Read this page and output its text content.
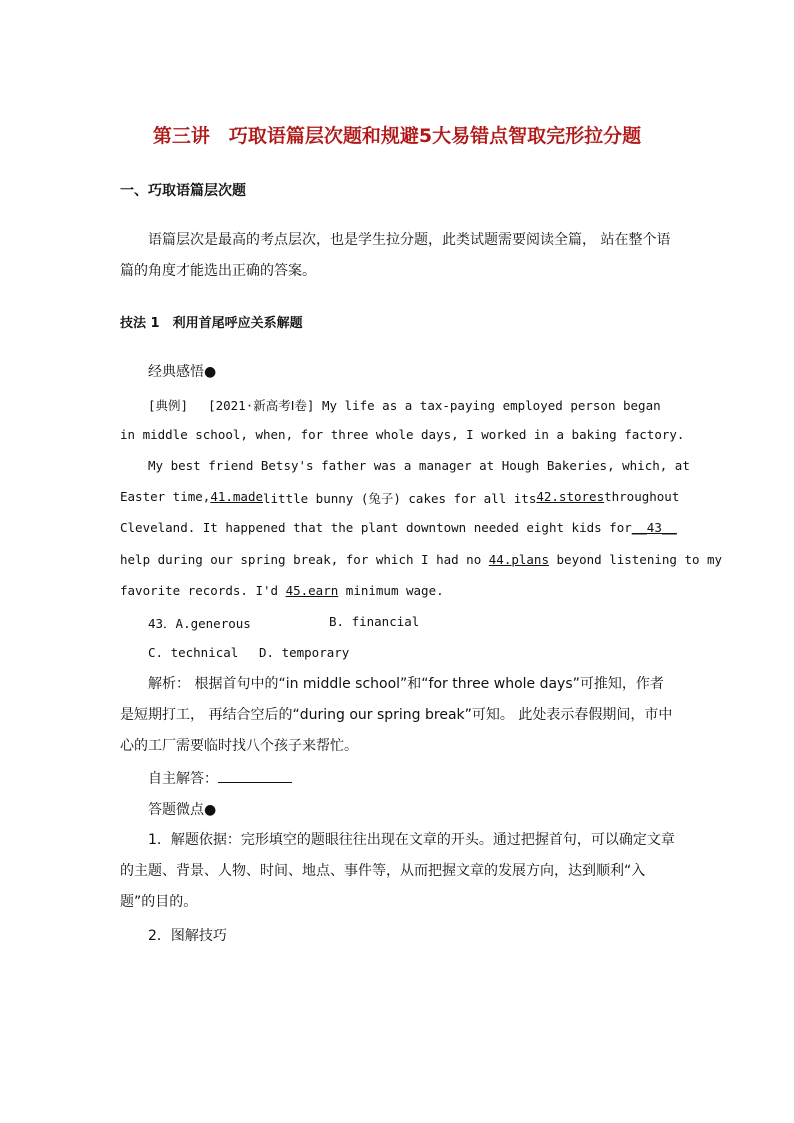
第三讲　巧取语篇层次题和规避5大易错点智取完形拉分题
一、巧取语篇层次题
语篇层次是最高的考点层次，也是学生拉分题，此类试题需要阅读全篇， 站在整个语篇的角度才能选出正确的答案。
技法 1　利用首尾呼应关系解题
经典感悟●
[典例]　 [2021·新高考Ⅰ卷] My life as a tax-paying employed person began
in middle school, when, for three whole days, I worked in a baking factory.
My best friend Betsy's father was a manager at Hough Bakeries, which, at
Easter time, 41.made little bunny (兔子) cakes for all its 42.stores throughout
Cleveland. It happened that the plant downtown needed eight kids for __43__
help during our spring break, for which I had no 44.plans beyond listening to my
favorite records. I'd 45.earn minimum wage.
43．A.generous	B. financial
C. technical	D. temporary
解析： 根据首句中的“in middle school”和“for three whole days”可推知，作者是短期打工， 再结合空后的“during our spring break”可知。 此处表示春假期间，市中心的工厂需要临时找八个孩子来帮忙。
自主解答：
答题微点●
1．解题依据：完形填空的题眼往往出现在文章的开头。通过把握首句，可以确定文章的主题、背景、人物、时间、地点、事件等，从而把握文章的发展方向，达到顺利“入题”的目的。
2．图解技巧
